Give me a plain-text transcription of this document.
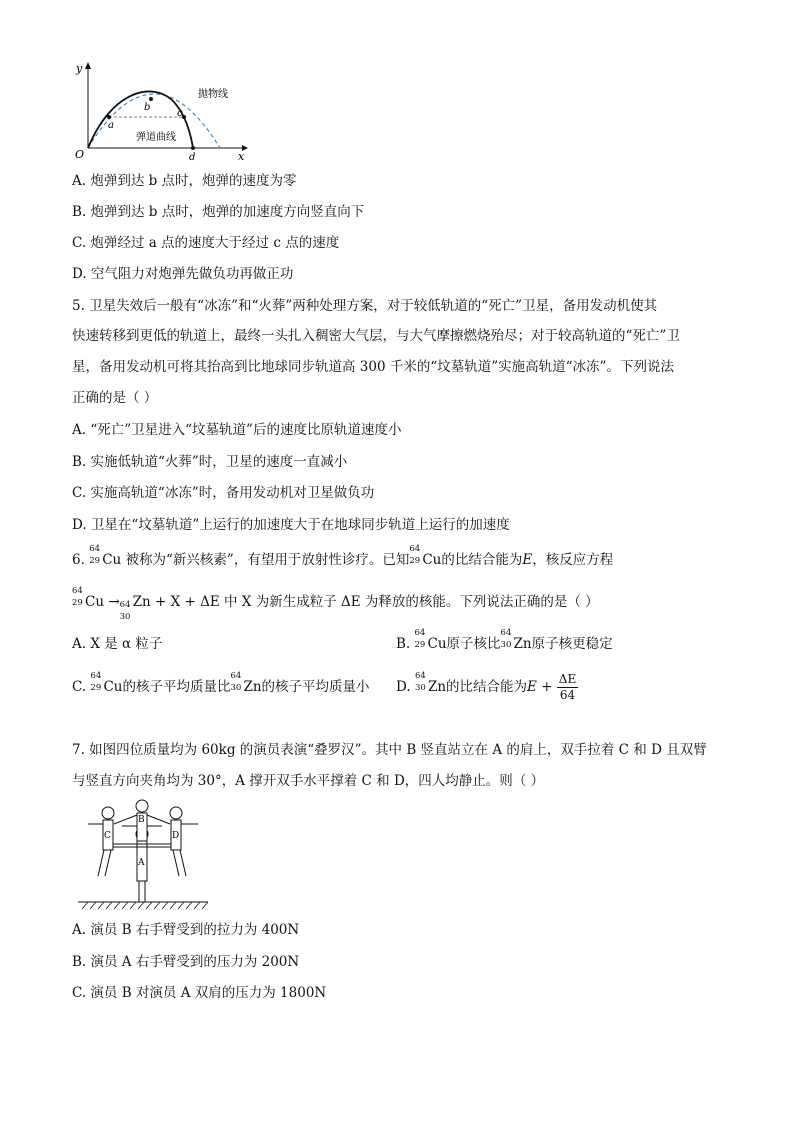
y
x
O
a
b
c
d
抛物线
弹道曲线
A. 炮弹到达 b 点时，炮弹的速度为零
B. 炮弹到达 b 点时，炮弹的加速度方向竖直向下
C. 炮弹经过 a 点的速度大于经过 c 点的速度
D. 空气阻力对炮弹先做负功再做正功
5. 卫星失效后一般有“冰冻”和“火葬”两种处理方案，对于较低轨道的“死亡”卫星，备用发动机使其
快速转移到更低的轨道上，最终一头扎入稠密大气层，与大气摩擦燃烧殆尽；对于较高轨道的“死亡”卫
星，备用发动机可将其抬高到比地球同步轨道高 300 千米的“坟墓轨道”实施高轨道“冰冻”。下列说法
正确的是（ ）
A. “死亡”卫星进入“坟墓轨道”后的速度比原轨道速度小
B. 实施低轨道“火葬”时，卫星的速度一直减小
C. 实施高轨道“冰冻”时，备用发动机对卫星做负功
D. 卫星在“坟墓轨道”上运行的加速度大于在地球同步轨道上运行的加速度
6.
64
29 Cu 被称为“新兴核素”，有望用于放射性诊疗。已知
64
29 Cu的比结合能为E，核反应方程
64
29 Cu → 64
30
Zn + X + ΔE 中 X 为新生成粒子 ΔE 为释放的核能。下列说法正确的是（ ）
A. X 是 α 粒子	B.
64
29 Cu原子核比
64
30 Zn原子核更稳定
C.
64
29 Cu的核子平均质量比
64
30 Zn的核子平均质量小 D.
64
30 Zn的比结合能为$E + \frac{\Delta E}{64}$
7. 如图四位质量均为 60kg 的演员表演“叠罗汉”。其中 B 竖直站立在 A 的肩上，双手拉着 C 和 D 且双臂
与竖直方向夹角均为 30°，A 撑开双手水平撑着 C 和 D，四人均静止。则（ ）
A
B
C	D
A. 演员 B 右手臂受到的拉力为 400N
B. 演员 A 右手臂受到的压力为 200N
C. 演员 B 对演员 A 双肩的压力为 1800N
